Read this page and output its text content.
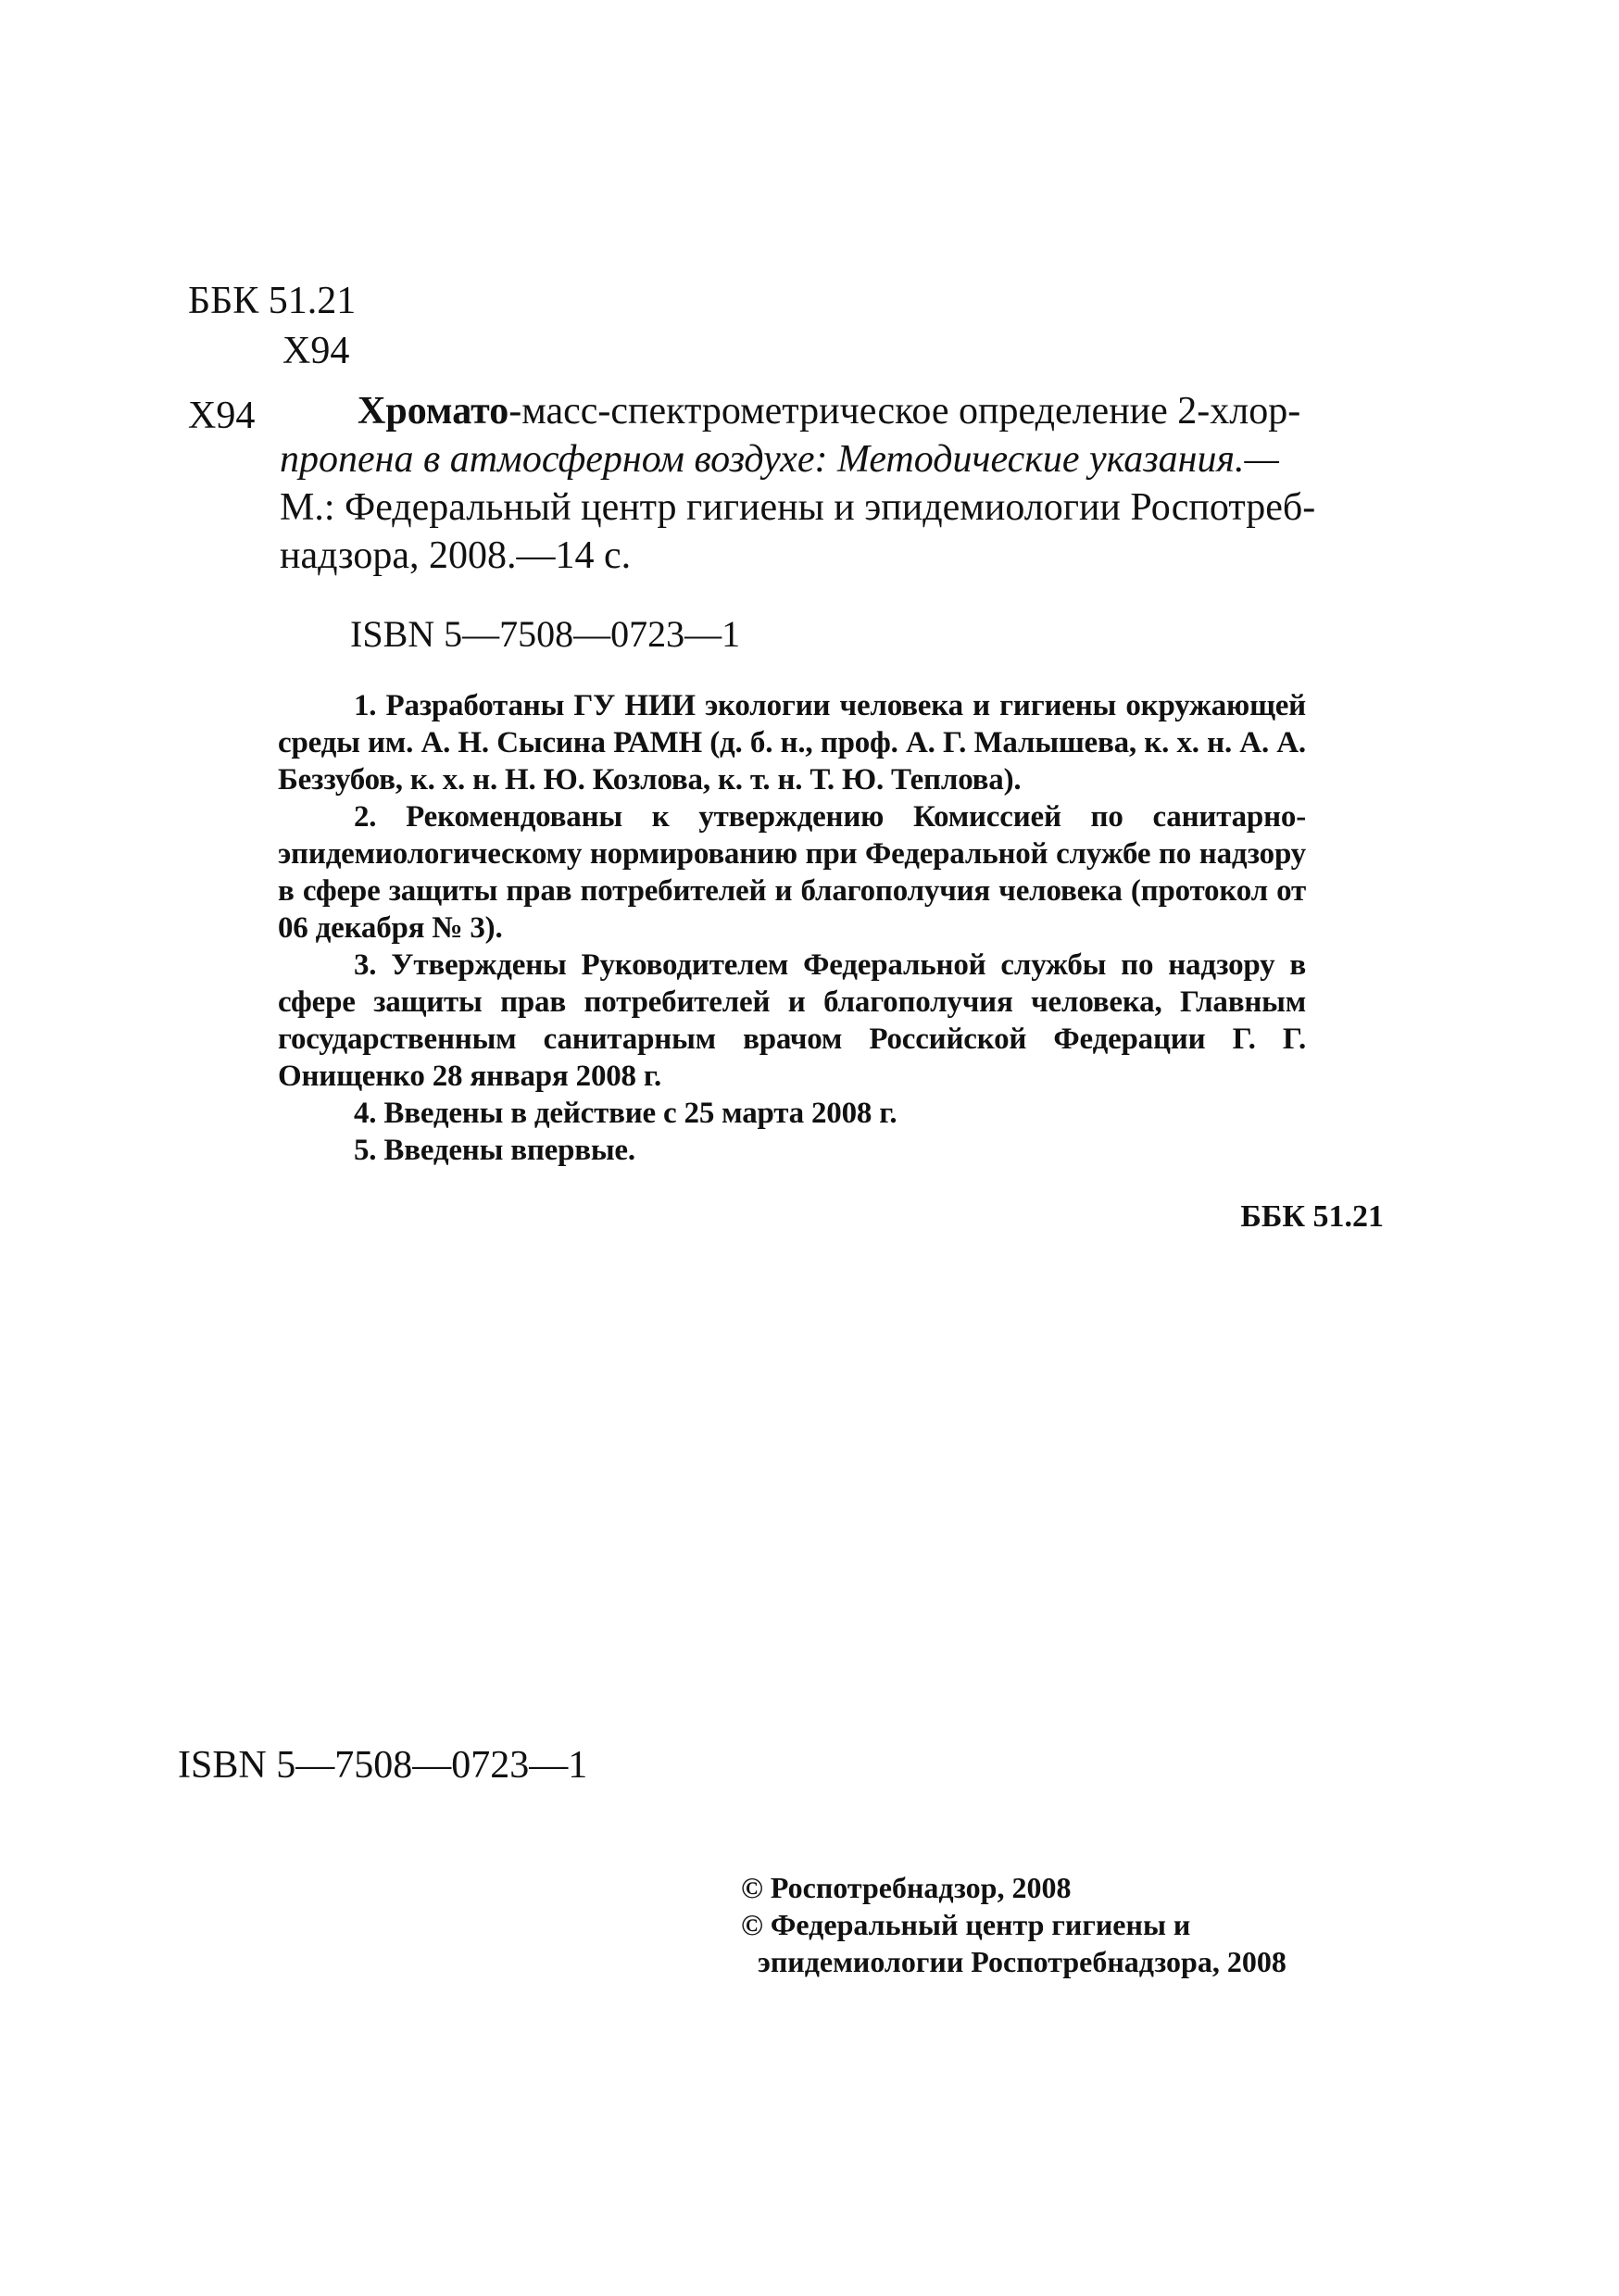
ББК 51.21
Х94
Х94	Хромато-масс-спектрометрическое определение 2-хлор-
пропена в атмосферном воздухе: Методические указания.—
М.: Федеральный центр гигиены и эпидемиологии Роспотреб-
надзора, 2008.—14 с.
ISBN 5—7508—0723—1

1. Разработаны ГУ НИИ экологии человека и гигиены окружающей среды им. А. Н. Сысина РАМН (д. б. н., проф. А. Г. Малышева, к. х. н. А. А. Беззубов, к. х. н. Н. Ю. Козлова, к. т. н. Т. Ю. Теплова).

2. Рекомендованы к утверждению Комиссией по санитарно-эпидемиологическому нормированию при Федеральной службе по надзору в сфере защиты прав потребителей и благополучия человека (протокол от 06 декабря № 3).

3. Утверждены Руководителем Федеральной службы по надзору в сфере защиты прав потребителей и благополучия человека, Главным государственным санитарным врачом Российской Федерации Г. Г. Онищенко 28 января 2008 г.

4. Введены в действие с 25 марта 2008 г.

5. Введены впервые.

ББК 51.21
ISBN 5—7508—0723—1
© Роспотребнадзор, 2008
© Федеральный центр гигиены и
эпидемиологии Роспотребнадзора, 2008
